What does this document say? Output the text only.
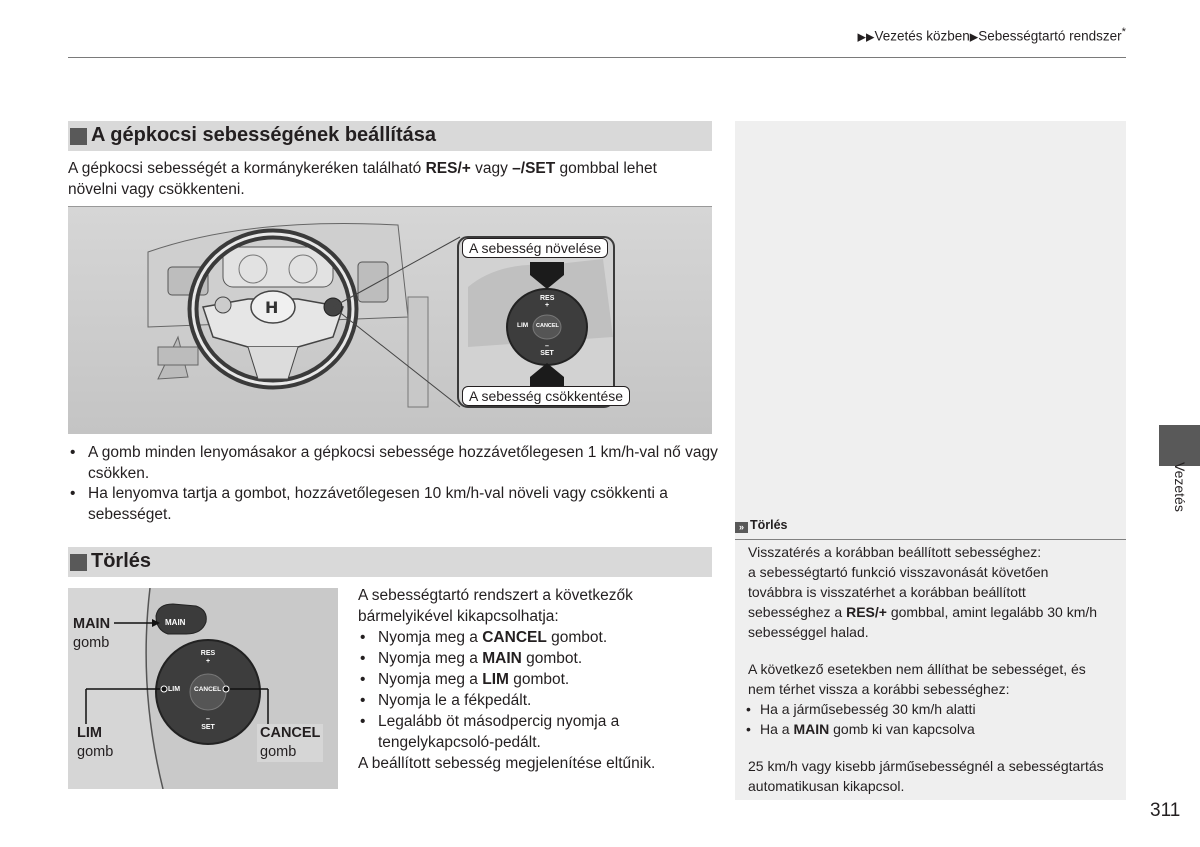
▶▶Vezetés közben▶Sebességtartó rendszer*
A gépkocsi sebességének beállítása
A gépkocsi sebességét a kormánykeréken található RES/+ vagy –/SET gombbal lehet
növelni vagy csökkenteni.
H	RES
+
LIM CANCEL
–
SET
A sebesség növelése
A sebesség csökkentése
• A gomb minden lenyomásakor a gépkocsi sebessége hozzávetőlegesen 1 km/h-val nő vagy csökken.
• Ha lenyomva tartja a gombot, hozzávetőlegesen 10 km/h-val növeli vagy csökkenti a sebességet.
Törlés
MAIN
RES
+
LIM CANCEL
–
SET
MAIN
gomb
LIM
gomb
CANCEL
gomb
A sebességtartó rendszert a következők
bármelyikével kikapcsolhatja:
• Nyomja meg a CANCEL gombot.
• Nyomja meg a MAIN gombot.
• Nyomja meg a LIM gombot.
• Nyomja le a fékpedált.
• Legalább öt másodpercig nyomja a
tengelykapcsoló-pedált.
A beállított sebesség megjelenítése eltűnik.
» Törlés
Visszatérés a korábban beállított sebességhez:
a sebességtartó funkció visszavonását követően
továbbra is visszatérhet a korábban beállított
sebességhez a RES/+ gombbal, amint legalább 30 km/h
sebességgel halad.
A következő esetekben nem állíthat be sebességet, és
nem térhet vissza a korábbi sebességhez:
• Ha a járműsebesség 30 km/h alatti
• Ha a MAIN gomb ki van kapcsolva
25 km/h vagy kisebb járműsebességnél a sebességtartás
automatikusan kikapcsol.
Vezetés
311
